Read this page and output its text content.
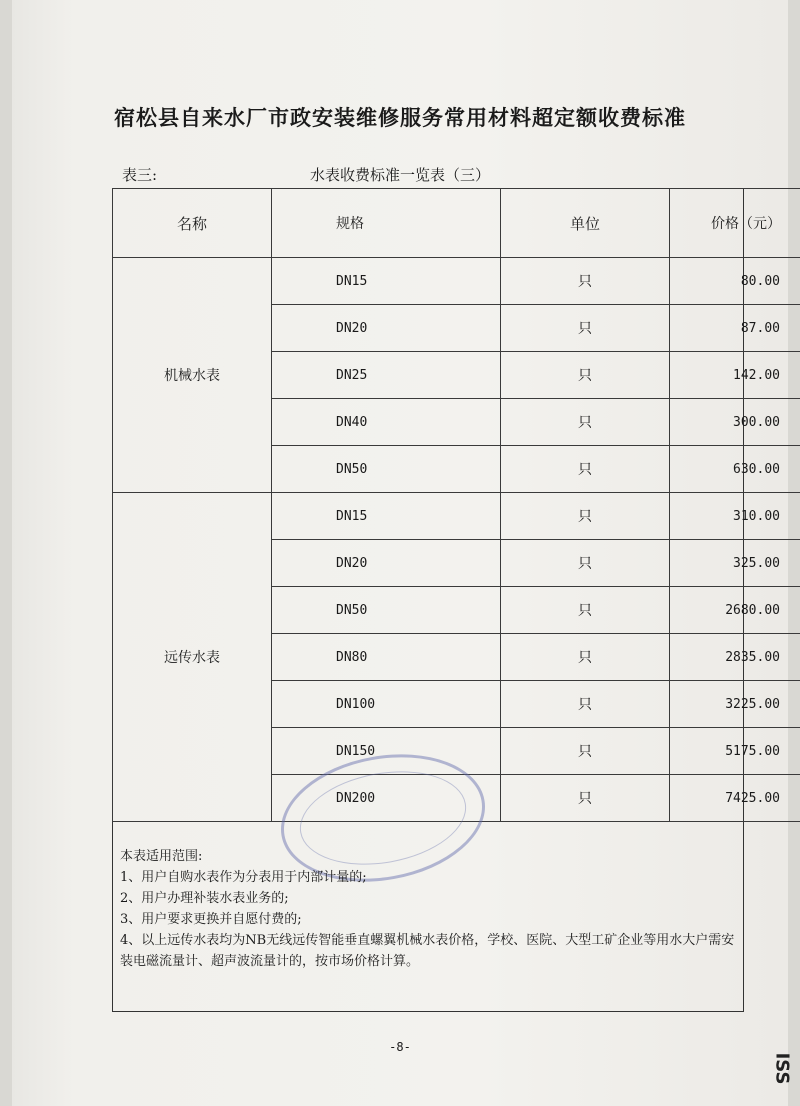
宿松县自来水厂市政安装维修服务常用材料超定额收费标准
表三:	水表收费标准一览表（三）
名称	规格	单位	价格（元）
机械水表	DN15	只	80.00
	DN20	只	87.00
	DN25	只	142.00
	DN40	只	300.00
	DN50	只	630.00
远传水表	DN15	只	310.00
	DN20	只	325.00
	DN50	只	2680.00
	DN80	只	2835.00
	DN100	只	3225.00
	DN150	只	5175.00
	DN200	只	7425.00
本表适用范围:
1、用户自购水表作为分表用于内部计量的;
2、用户办理补装水表业务的;
3、用户要求更换并自愿付费的;
4、以上远传水表均为NB无线远传智能垂直螺翼机械水表价格，学校、医院、大型工矿企业等用水大户需安装电磁流量计、超声波流量计的，按市场价格计算。
-8-
ISS
